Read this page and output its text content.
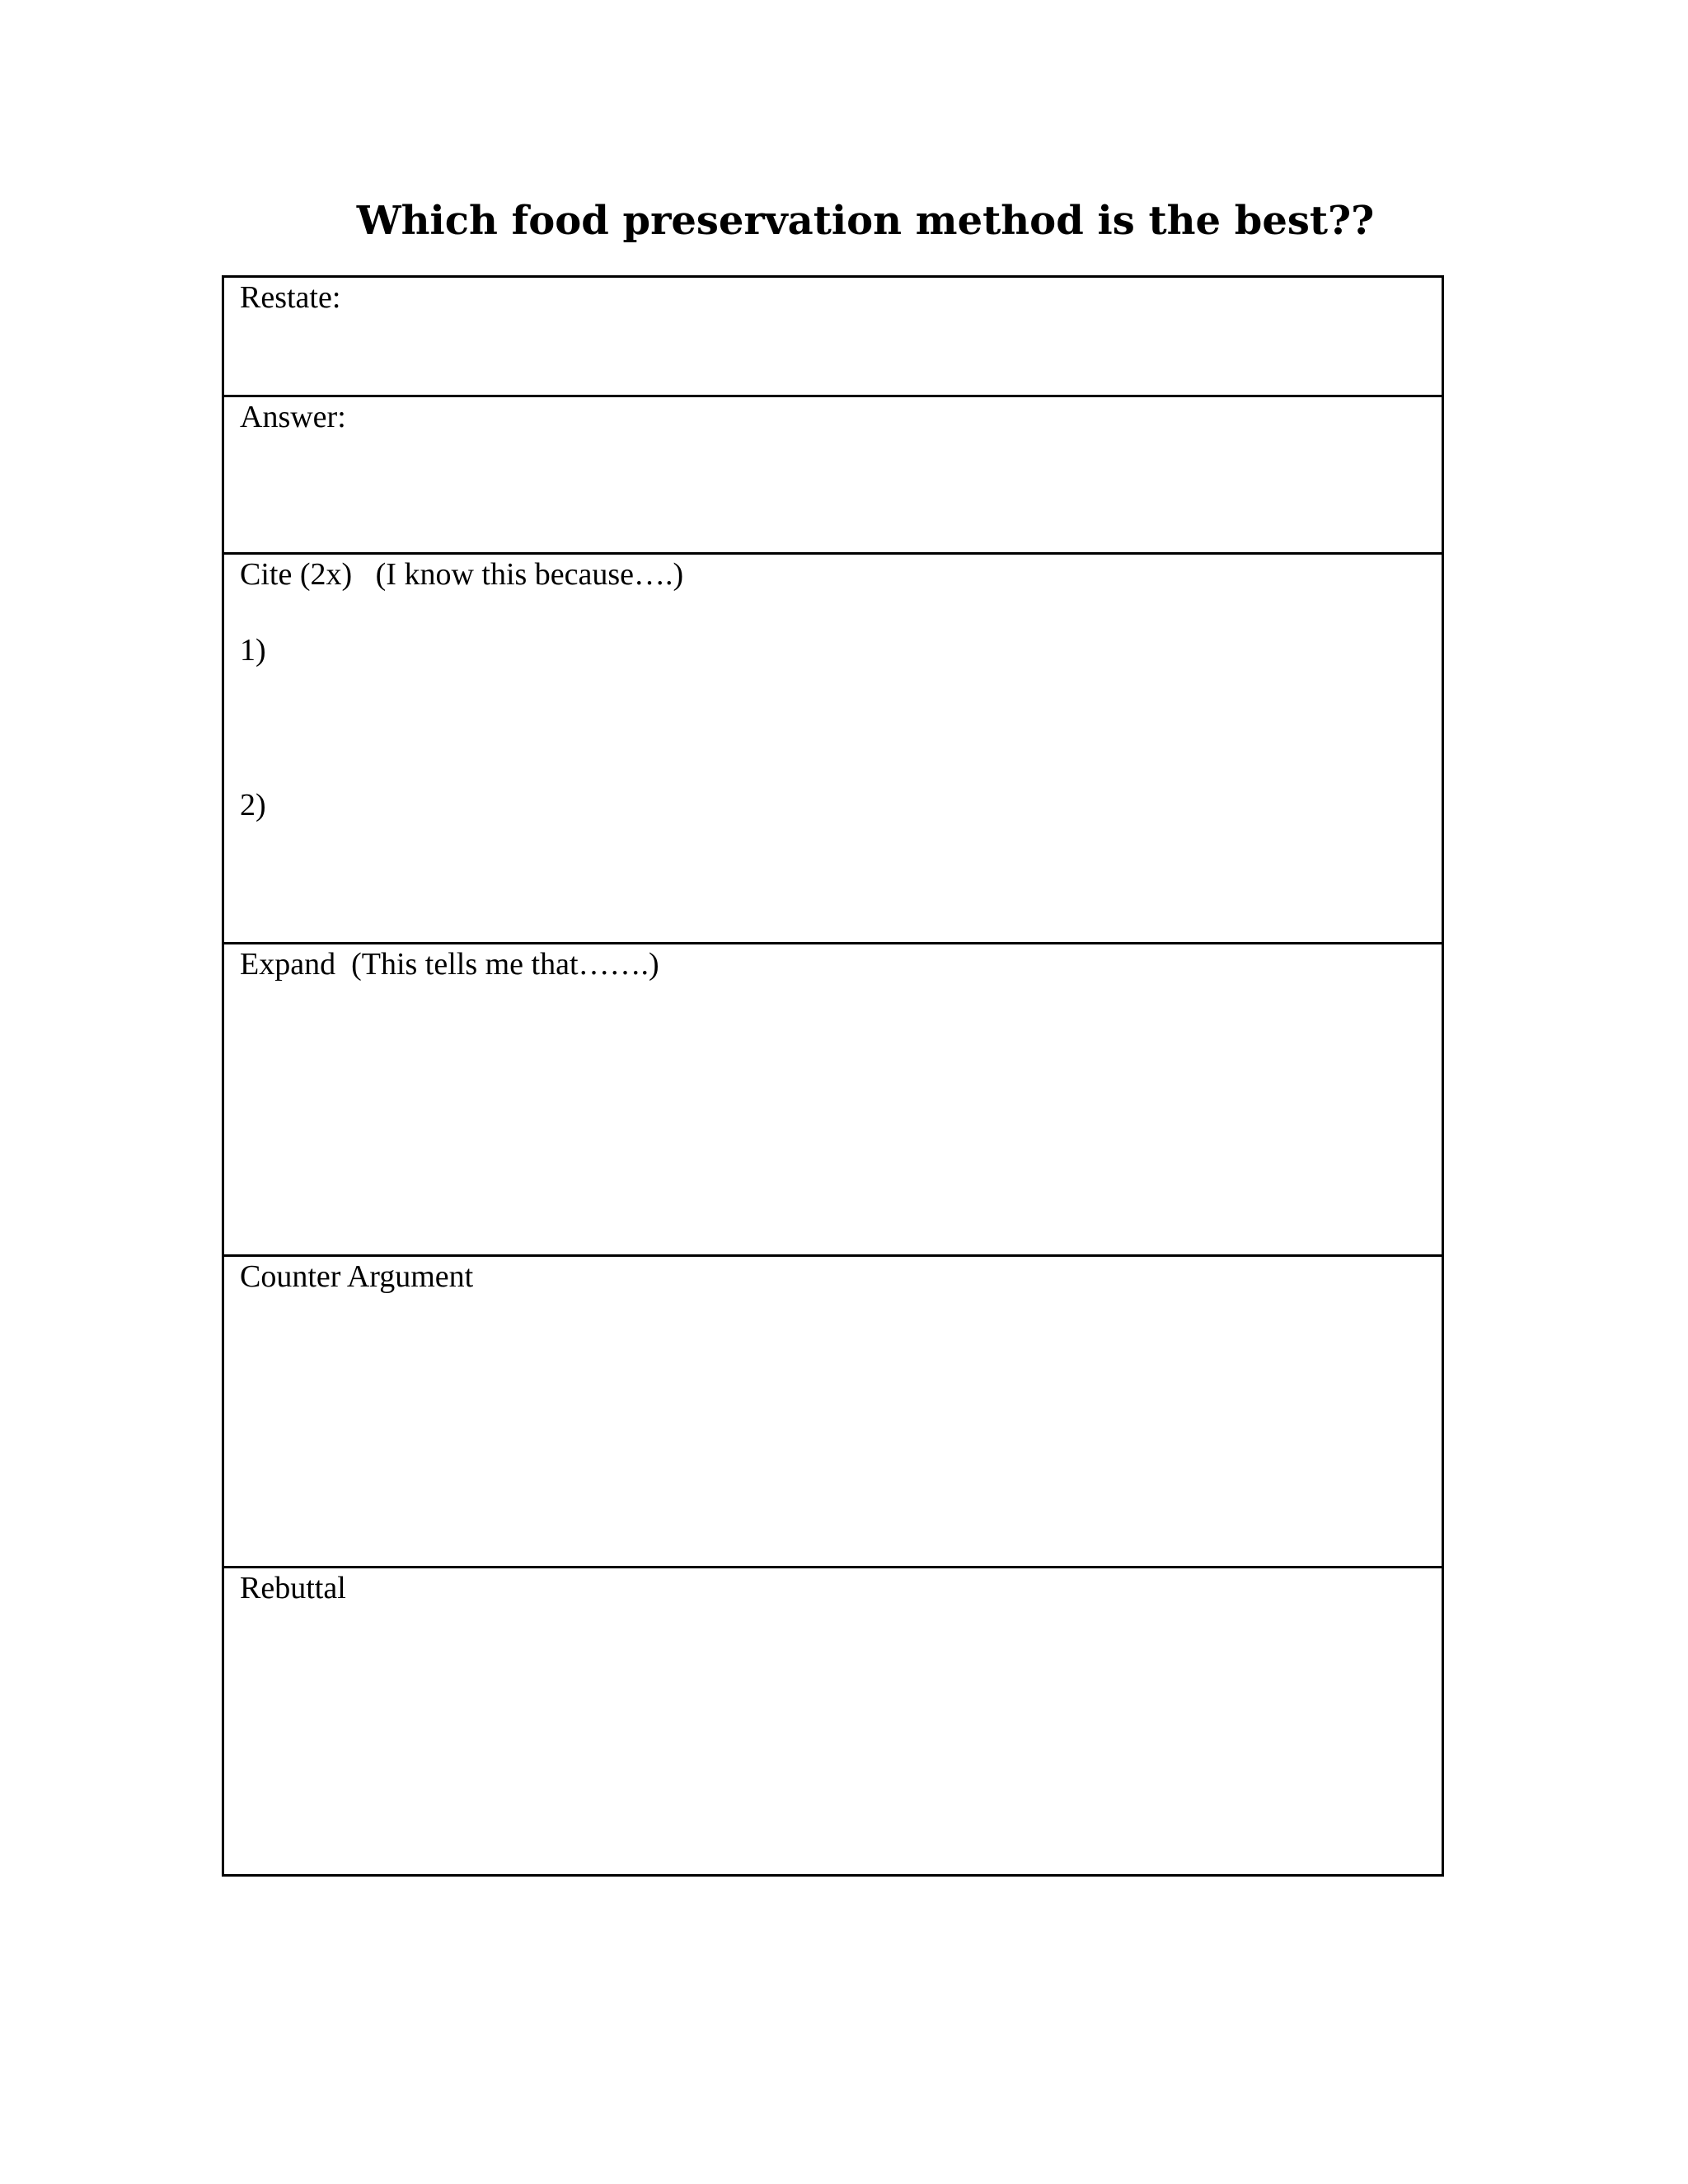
Which food preservation method is the best??
Restate:
Answer:
Cite (2x)   (I know this because….)
1)
2)
Expand  (This tells me that…….)
Counter Argument
Rebuttal
